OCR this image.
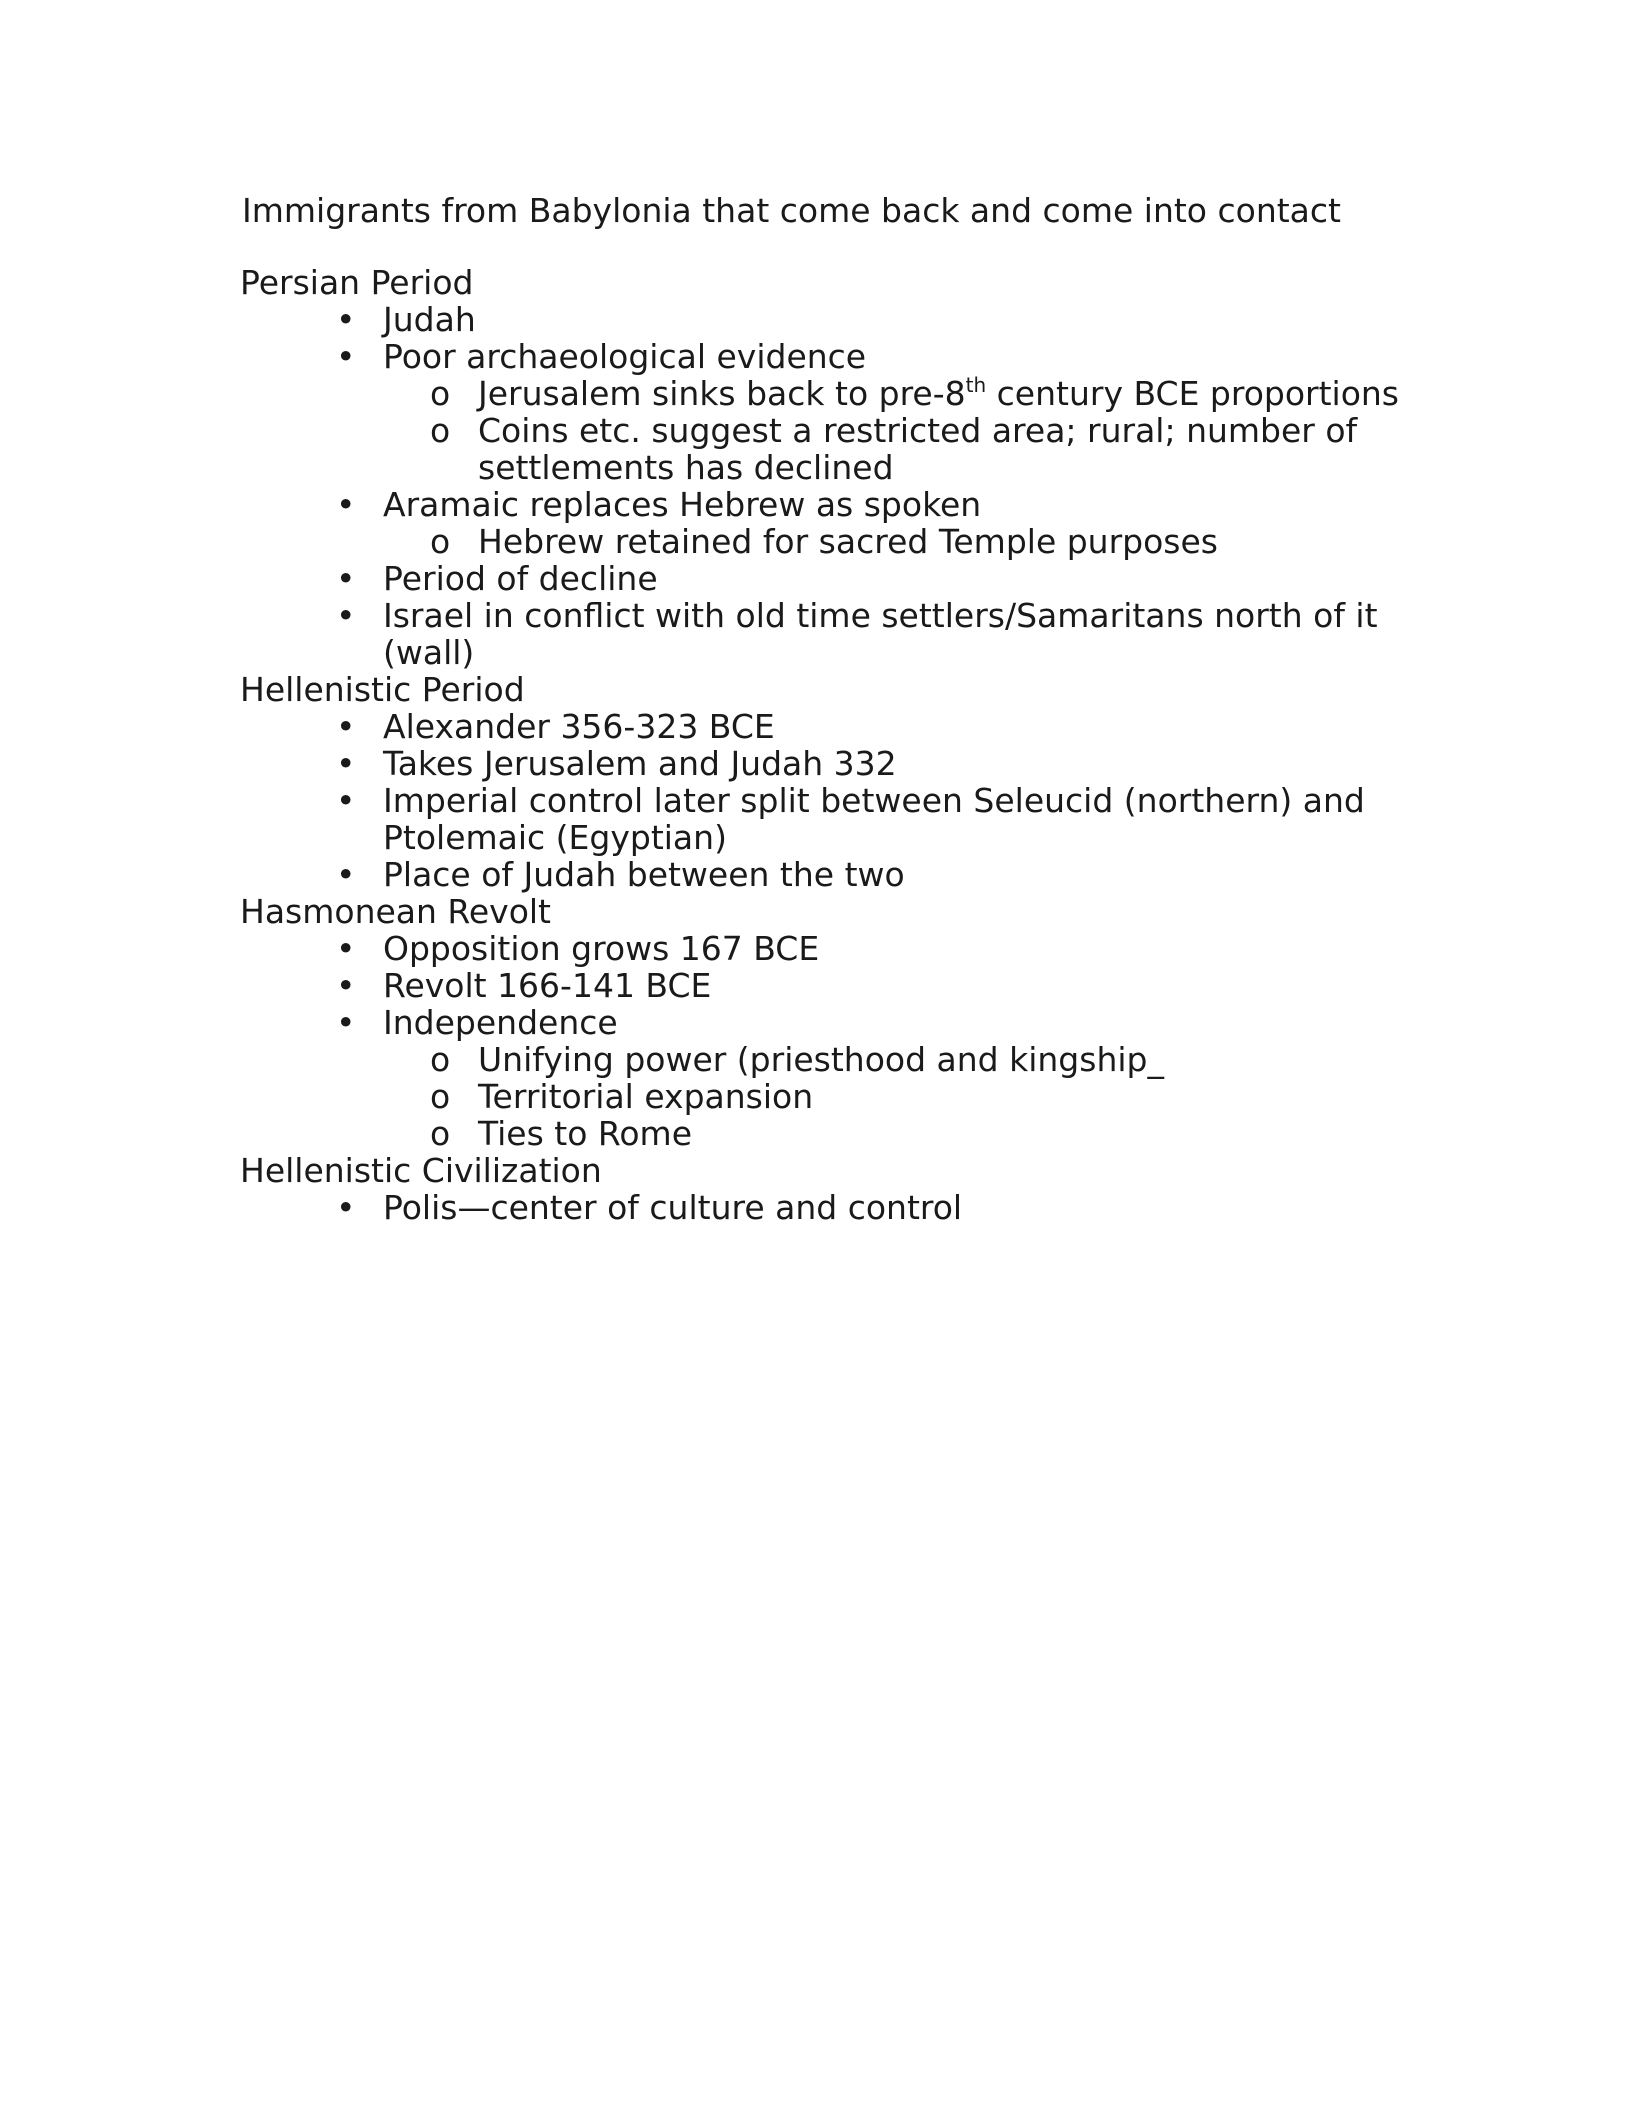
Immigrants from Babylonia that come back and come into contact

Persian Period

• Judah
• Poor archaeological evidence
o Jerusalem sinks back to pre-8th century BCE proportions
o Coins etc. suggest a restricted area; rural; number of settlements has declined
• Aramaic replaces Hebrew as spoken
o Hebrew retained for sacred Temple purposes
• Period of decline
• Israel in conflict with old time settlers/Samaritans north of it (wall)

Hellenistic Period

• Alexander 356-323 BCE
• Takes Jerusalem and Judah 332
• Imperial control later split between Seleucid (northern) and Ptolemaic (Egyptian)
• Place of Judah between the two

Hasmonean Revolt

• Opposition grows 167 BCE
• Revolt 166-141 BCE
• Independence
o Unifying power (priesthood and kingship_
o Territorial expansion
o Ties to Rome

Hellenistic Civilization

• Polis—center of culture and control
